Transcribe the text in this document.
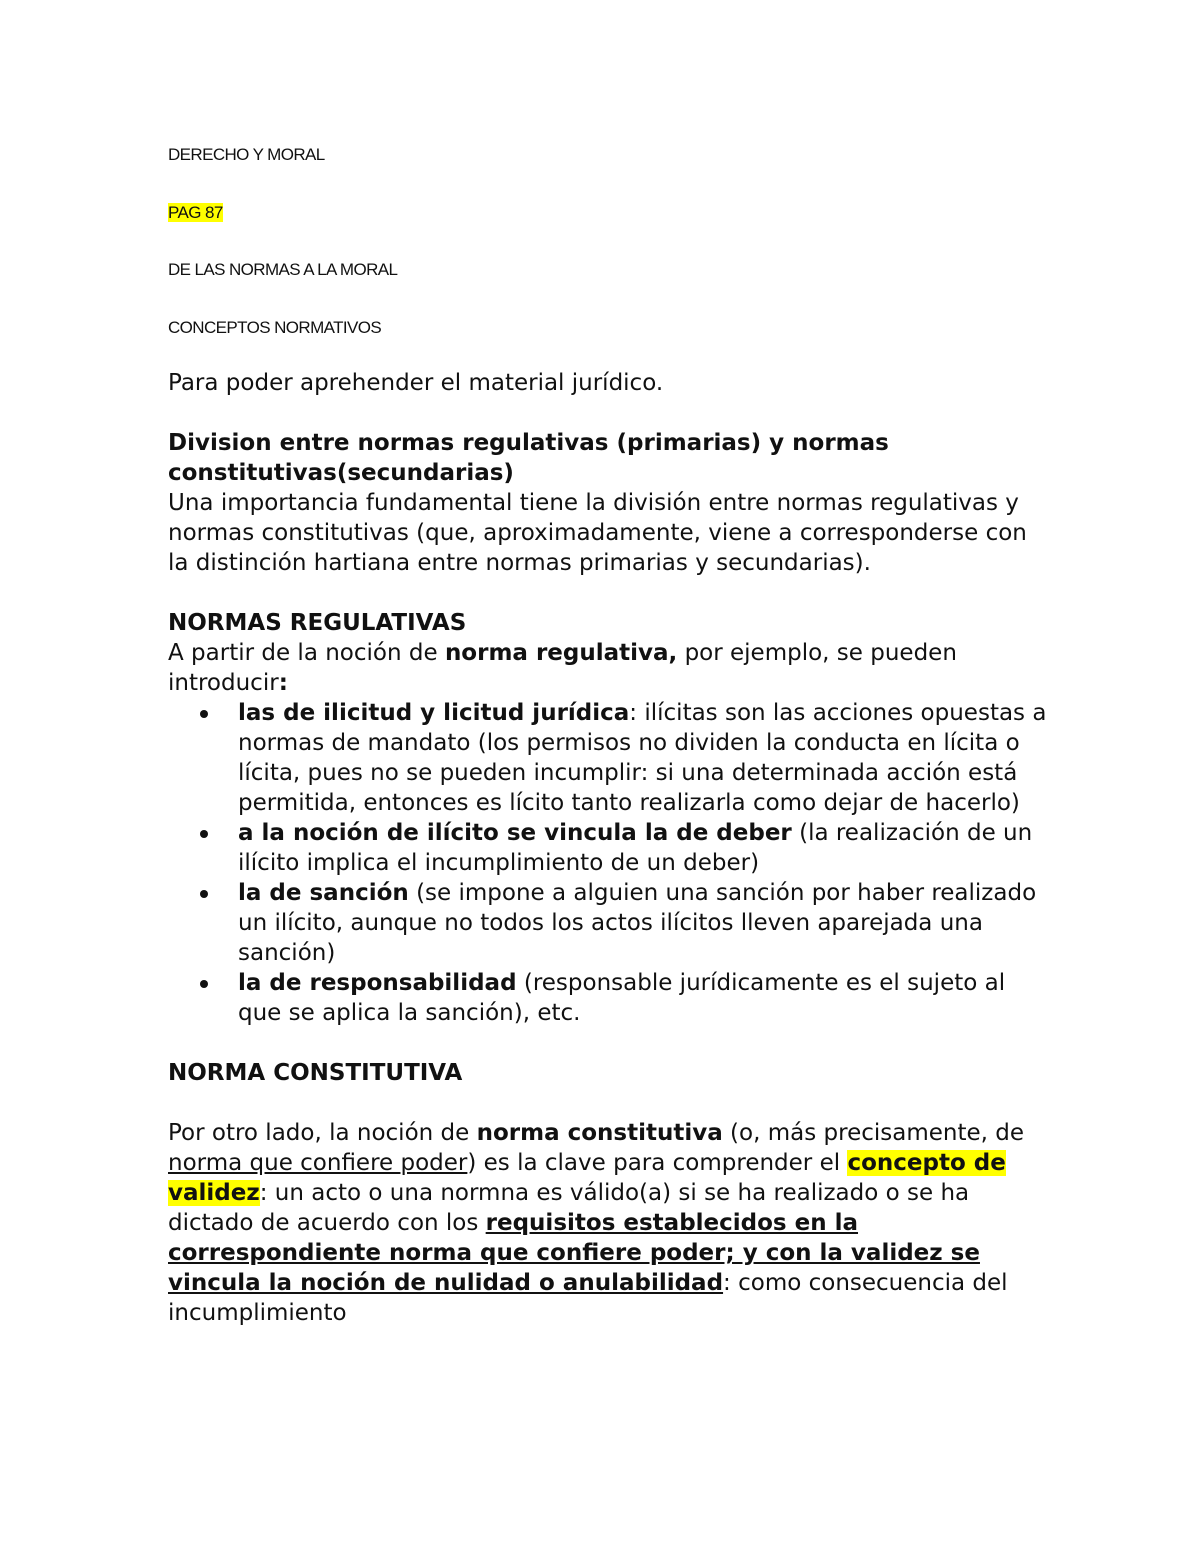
DERECHO Y MORAL
PAG 87
DE LAS NORMAS A LA MORAL
CONCEPTOS NORMATIVOS

Para poder aprehender el material jurídico.

Division entre normas regulativas (primarias) y normas constitutivas(secundarias)

Una importancia fundamental tiene la división entre normas regulativas y normas constitutivas (que, aproximadamente, viene a corresponderse con la distinción hartiana entre normas primarias y secundarias).

NORMAS REGULATIVAS

A partir de la noción de norma regulativa, por ejemplo, se pueden introducir:

las de ilicitud y licitud jurídica: ilícitas son las acciones opuestas a normas de mandato (los permisos no dividen la conducta en lícita o lícita, pues no se pueden incumplir: si una determinada acción está permitida, entonces es lícito tanto realizarla como dejar de hacerlo)
a la noción de ilícito se vincula la de deber (la realización de un ilícito implica el incumplimiento de un deber)
la de sanción (se impone a alguien una sanción por haber realizado un ilícito, aunque no todos los actos ilícitos lleven aparejada una sanción)
la de responsabilidad (responsable jurídicamente es el sujeto al que se aplica la sanción), etc.

NORMA CONSTITUTIVA

Por otro lado, la noción de norma constitutiva (o, más precisamente, de norma que confiere poder) es la clave para comprender el concepto de validez: un acto o una normna es válido(a) si se ha realizado o se ha dictado de acuerdo con los requisitos establecidos en la correspondiente norma que confiere poder; y con la validez se vincula la noción de nulidad o anulabilidad: como consecuencia del incumplimiento
